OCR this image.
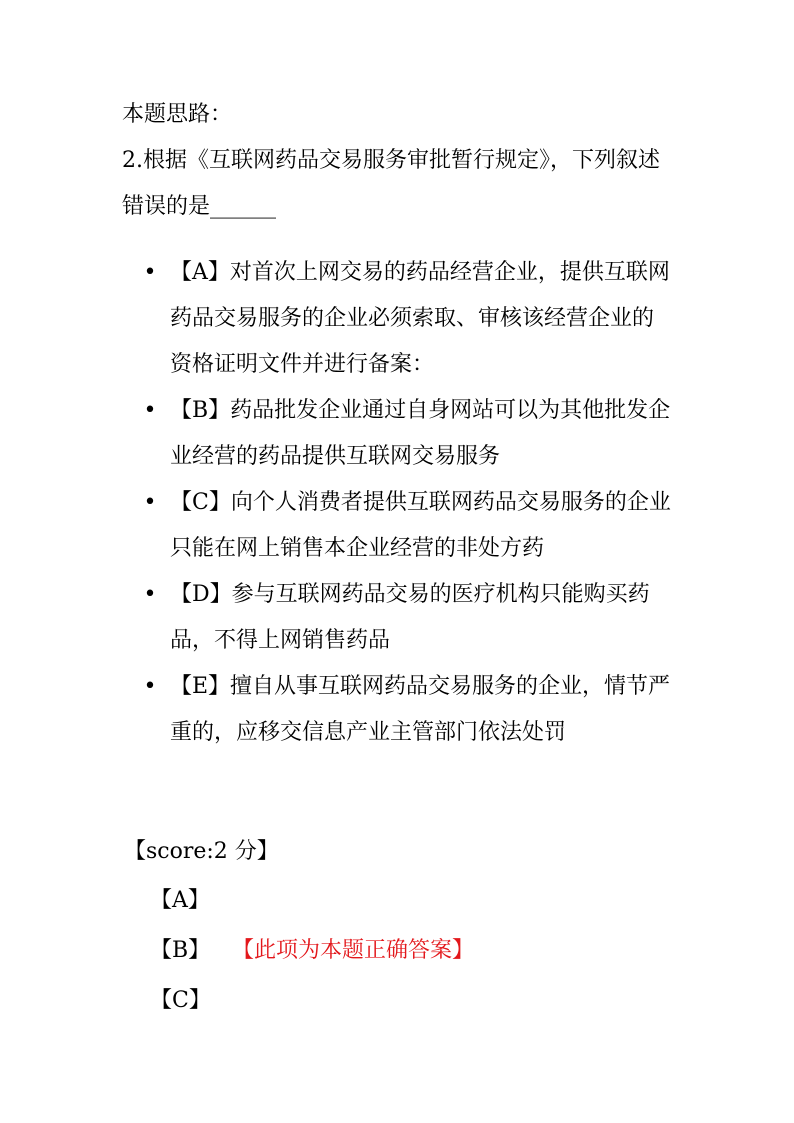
本题思路：
2.根据《互联网药品交易服务审批暂行规定》，下列叙述错误的是______
• 【A】对首次上网交易的药品经营企业，提供互联网药品交易服务的企业必须索取、审核该经营企业的资格证明文件并进行备案：
• 【B】药品批发企业通过自身网站可以为其他批发企业经营的药品提供互联网交易服务
• 【C】向个人消费者提供互联网药品交易服务的企业只能在网上销售本企业经营的非处方药
• 【D】参与互联网药品交易的医疗机构只能购买药品，不得上网销售药品
• 【E】擅自从事互联网药品交易服务的企业，情节严重的，应移交信息产业主管部门依法处罚
【score:2 分】
【A】
【B】 【此项为本题正确答案】
【C】
